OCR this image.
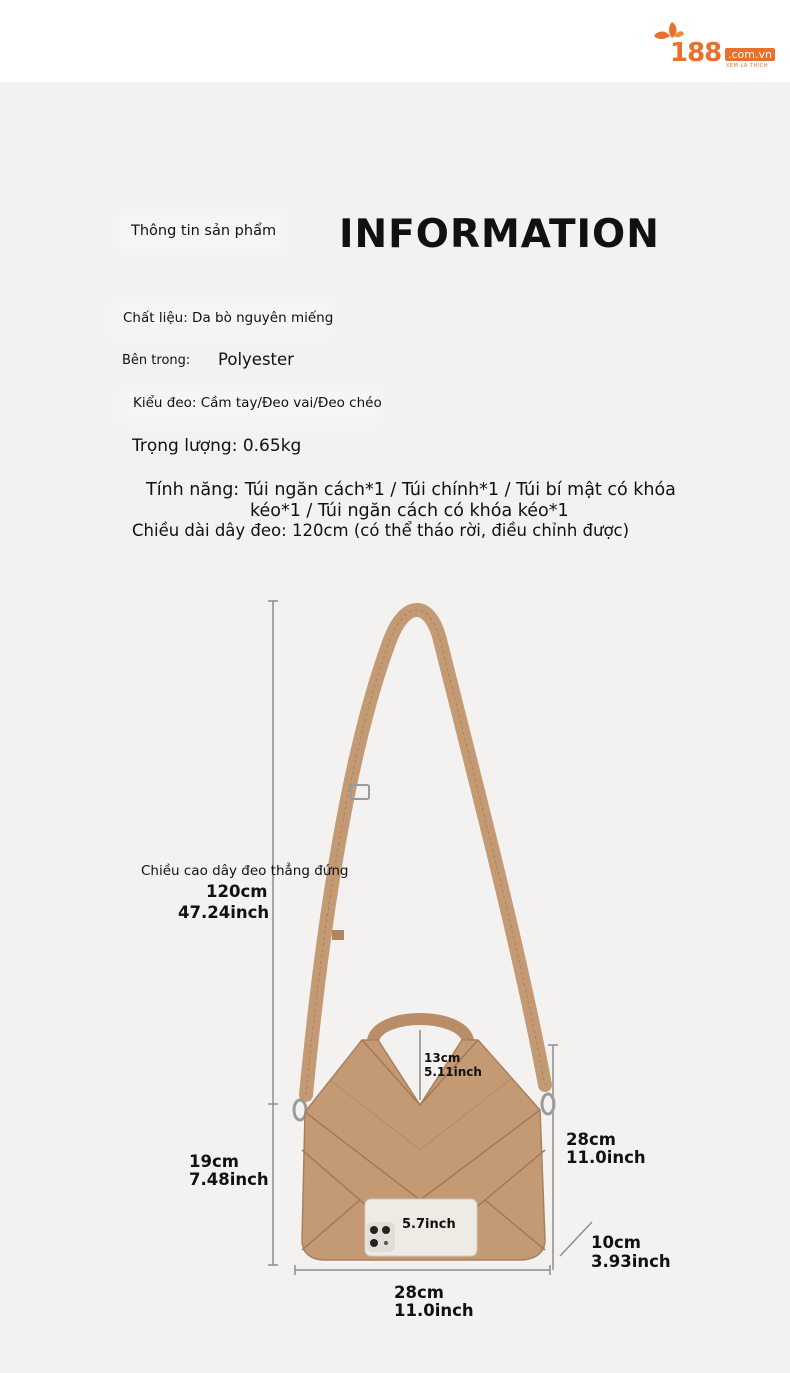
188 .com.vn
XEM LÀ THÍCH
Thông tin sản phẩm INFORMATION
Chất liệu: Da bò nguyên miếng
Bên trong: Polyester
Kiểu đeo: Cầm tay/Đeo vai/Đeo chéo
Trọng lượng: 0.65kg
Tính năng: Túi ngăn cách*1 / Túi chính*1 / Túi bí mật có khóa
kéo*1 / Túi ngăn cách có khóa kéo*1
Chiều dài dây đeo: 120cm (có thể tháo rời, điều chỉnh được)
Chiều cao dây đeo thẳng đứng
120cm
47.24inch
13cm
5.11inch
19cm
7.48inch
28cm
11.0inch
5.7inch
10cm
3.93inch
28cm
11.0inch
